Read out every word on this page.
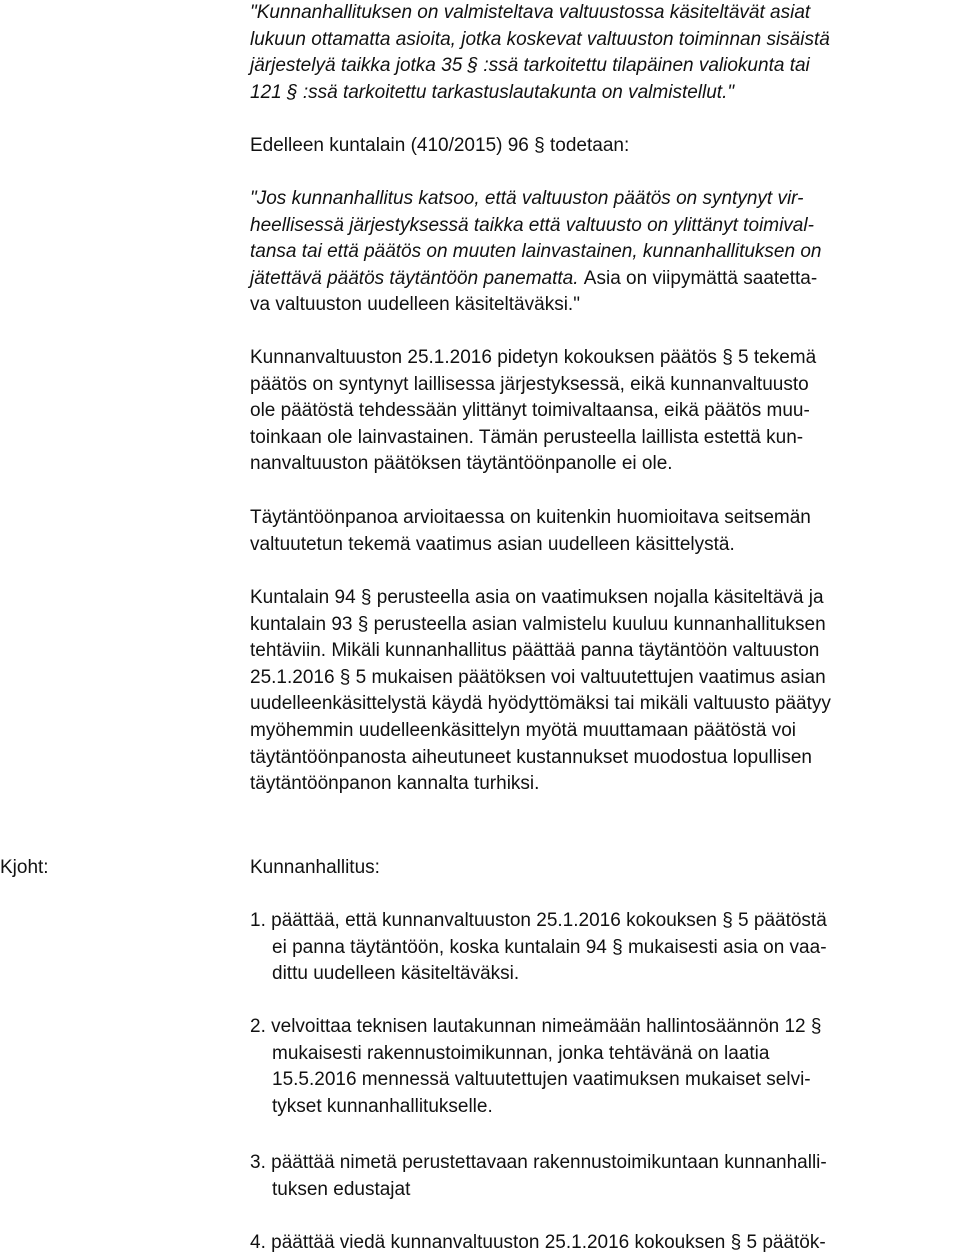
"Kunnanhallituksen on valmisteltava valtuustossa käsiteltävät asiat
lukuun ottamatta asioita, jotka koskevat valtuuston toiminnan sisäistä
järjestelyä taikka jotka 35 § :ssä tarkoitettu tilapäinen valiokunta tai
121 § :ssä tarkoitettu tarkastuslautakunta on valmistellut."
Edelleen kuntalain (410/2015) 96 § todetaan:
"Jos kunnanhallitus katsoo, että valtuuston päätös on syntynyt vir-
heellisessä järjestyksessä taikka että valtuusto on ylittänyt toimival-
tansa tai että päätös on muuten lainvastainen, kunnanhallituksen on
jätettävä päätös täytäntöön panematta. Asia on viipymättä saatetta-
va valtuuston uudelleen käsiteltäväksi."
Kunnanvaltuuston 25.1.2016 pidetyn kokouksen päätös § 5 tekemä
päätös on syntynyt laillisessa järjestyksessä, eikä kunnanvaltuusto
ole päätöstä tehdessään ylittänyt toimivaltaansa, eikä päätös muu-
toinkaan ole lainvastainen. Tämän perusteella laillista estettä kun-
nanvaltuuston päätöksen täytäntöönpanolle ei ole.
Täytäntöönpanoa arvioitaessa on kuitenkin huomioitava seitsemän
valtuutetun tekemä vaatimus asian uudelleen käsittelystä.
Kuntalain 94 § perusteella asia on vaatimuksen nojalla käsiteltävä ja
kuntalain 93 § perusteella asian valmistelu kuuluu kunnanhallituksen
tehtäviin. Mikäli kunnanhallitus päättää panna täytäntöön valtuuston
25.1.2016 § 5 mukaisen päätöksen voi valtuutettujen vaatimus asian
uudelleenkäsittelystä käydä hyödyttömäksi tai mikäli valtuusto päätyy
myöhemmin uudelleenkäsittelyn myötä muuttamaan päätöstä voi
täytäntöönpanosta aiheutuneet kustannukset muodostua lopullisen
täytäntöönpanon kannalta turhiksi.
Kjoht:	Kunnanhallitus:
1. päättää, että kunnanvaltuuston 25.1.2016 kokouksen § 5 päätöstä
ei panna täytäntöön, koska kuntalain 94 § mukaisesti asia on vaa-
dittu uudelleen käsiteltäväksi.
2. velvoittaa teknisen lautakunnan nimeämään hallintosäännön 12 §
mukaisesti rakennustoimikunnan, jonka tehtävänä on laatia
15.5.2016 mennessä valtuutettujen vaatimuksen mukaiset selvi-
tykset kunnanhallitukselle.
3. päättää nimetä perustettavaan rakennustoimikuntaan kunnanhalli-
tuksen edustajat
4. päättää viedä kunnanvaltuuston 25.1.2016 kokouksen § 5 päätök-
